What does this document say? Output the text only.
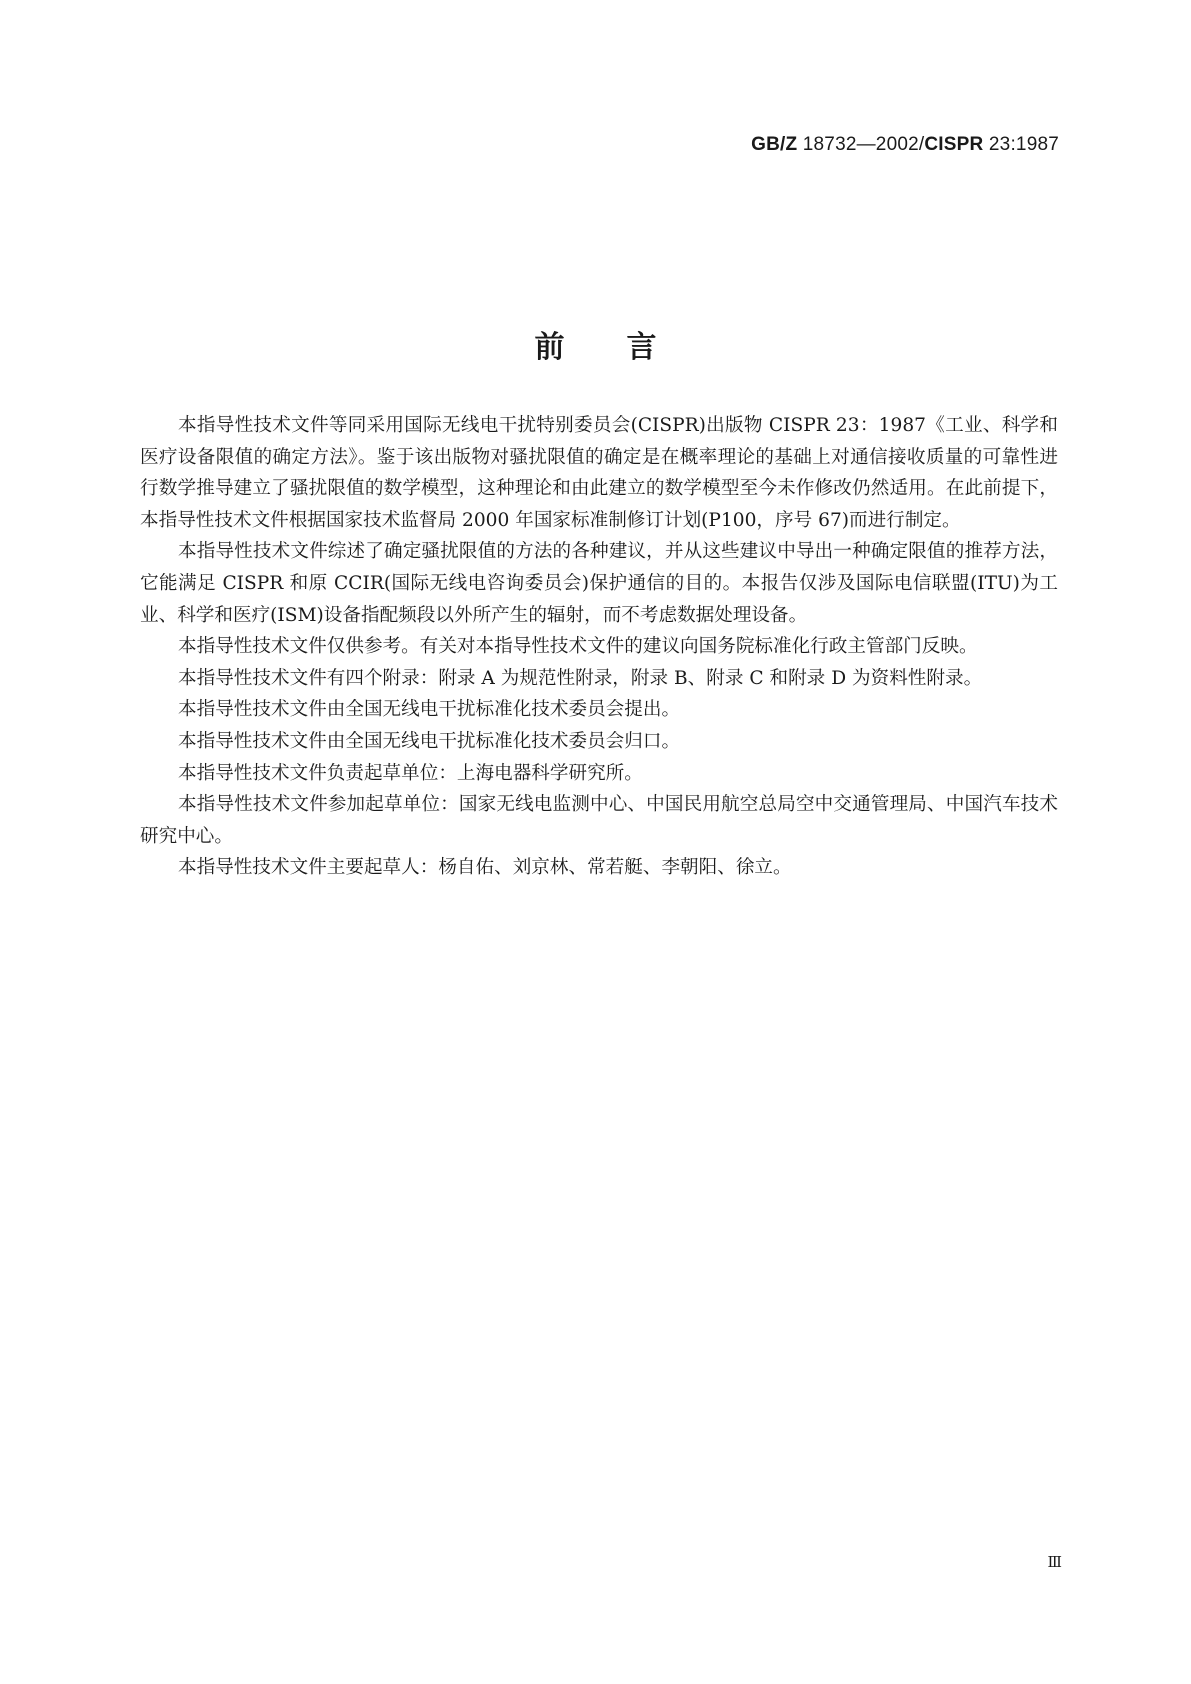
GB/Z 18732—2002/CISPR 23:1987
前言

本指导性技术文件等同采用国际无线电干扰特别委员会(CISPR)出版物 CISPR 23：1987《工业、科学和医疗设备限值的确定方法》。鉴于该出版物对骚扰限值的确定是在概率理论的基础上对通信接收质量的可靠性进行数学推导建立了骚扰限值的数学模型，这种理论和由此建立的数学模型至今未作修改仍然适用。在此前提下，本指导性技术文件根据国家技术监督局 2000 年国家标准制修订计划(P100，序号 67)而进行制定。

本指导性技术文件综述了确定骚扰限值的方法的各种建议，并从这些建议中导出一种确定限值的推荐方法，它能满足 CISPR 和原 CCIR(国际无线电咨询委员会)保护通信的目的。本报告仅涉及国际电信联盟(ITU)为工业、科学和医疗(ISM)设备指配频段以外所产生的辐射，而不考虑数据处理设备。

本指导性技术文件仅供参考。有关对本指导性技术文件的建议向国务院标准化行政主管部门反映。

本指导性技术文件有四个附录：附录 A 为规范性附录，附录 B、附录 C 和附录 D 为资料性附录。

本指导性技术文件由全国无线电干扰标准化技术委员会提出。

本指导性技术文件由全国无线电干扰标准化技术委员会归口。

本指导性技术文件负责起草单位：上海电器科学研究所。

本指导性技术文件参加起草单位：国家无线电监测中心、中国民用航空总局空中交通管理局、中国汽车技术研究中心。

本指导性技术文件主要起草人：杨自佑、刘京林、常若艇、李朝阳、徐立。

Ⅲ
